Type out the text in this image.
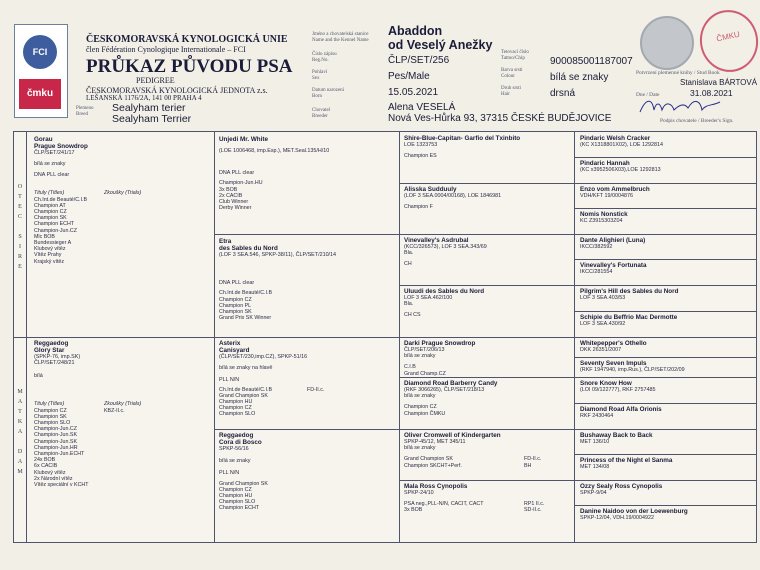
FCI
čmku
ČESKOMORAVSKÁ KYNOLOGICKÁ UNIE
člen Fédération Cynologique Internationale – FCI
PRŮKAZ PŮVODU PSA
PEDIGREE
ČESKOMORAVSKÁ KYNOLOGICKÁ JEDNOTA z.s.
LEŠANSKÁ 1176/2A, 141 00 PRAHA 4
Plemeno
Breed
Sealyham terier
Sealyham Terrier
Jméno a chovatelská stanice
Name and the Kennel Name
Číslo zápisu
Reg.No.
Pohlaví
Sex
Datum narození
Born
Chovatel
Breeder
Abaddon
od Veselý Anežky
ČLP/SET/256
Pes/Male
15.05.2021
Alena VESELÁ
Nová Ves-Hůrka 93, 37315 ČESKÉ BUDĚJOVICE
Tetovací číslo
Tattoo/Chip
Barva srsti
Colour
Druh srsti
Hair
900085001187007
bílá se znaky
drsná
ČMKU
Potvrzení plemenné knihy / Stud Book
Stanislava BÁRTOVÁ
Dne / Date	31.08.2021
Podpis chovatele / Breeder's Sign.
O
T
E
C

S
I
R
E
M
A
T
K
A

D
A
M
Gorau
Prague Snowdrop
ČLP/SET/241/17
bílá se znaky
DNA PLL clear
Tituly (Titles)	Zkoušky (Trials)
Ch.Int.de Beauté/C.I.B
Champion AT
Champion CZ
Champion SK
Champion ECHT
Champion-Jun.CZ
Mlc BOB
Bundessieger A
Klubový vítěz
Vítěz Prahy
Krajský vítěz
Reggaedog
Glory Star
(SPKP-76, imp.SK)
ČLP/SET/248/21
bílá
Tituly (Titles)	Zkoušky (Trials)
KBZ-II.c.
Champion CZ
Champion SK
Champion SLO
Champion-Jun.CZ
Champion-Jun.SK
Champion-Jun.SK
Champion-Jun.HR
Champion-Jun.ECHT
24x BOB
6x CACIB
Klubový vítěz
2x Národní vítěz
Vítěz speciální v KCHT
Unjedi Mr. White
(LOE 1006468, imp.Esp.), MET.Seal.135/H/10
DNA PLL clear
Champion-Jun.HU
3x BOB
2x CACIB
Club Winner
Derby Winner
Etra
des Sables du Nord
(LOF 3 SEA.546, SPKP-38/11), ČLP/SET/210/14
DNA PLL clear
Ch.Int.de Beauté/C.I.B
Champion CZ
Champion PL
Champion SK
Grand Prix SK Winner
Asterix
Canisyard
(ČLP/SET/230,imp.CZ), SPKP-51/16
bílá se znaky na hlavě
PLL N/N
FD-II.c.
Ch.Int.de Beauté/C.I.B
Grand Champion SK
Champion HU
Champion CZ
Champion SLO
Reggaedog
Cora di Bosco
SPKP-56/16
bílá se znaky
PLL N/N
Grand Champion SK
Champion CZ
Champion HU
Champion SLO
Champion ECHT
Shire-Blue-Capitan- Garfio del Txinbito
LOE 1323753
Champion ES
Alisska Sudduuly
(LOF 3 SEA.0004/00168), LOE 1846981
Champion F
Vinevalley's Asdrubal
(KCC/326573), LOF 3 SEA.343/69
Bla.
CH
Uluudi des Sables du Nord
LOF 3 SEA.462/100
Bla.
CH CS
Darki Prague Snowdrop
ČLP/SET/206/13
bílá se znaky
C.I.B
Grand Champ.CZ
Diamond Road Barberry Candy
(RKF 3066265), ČLP/SET/218/13
bílá se znaky
Champion CZ
Champion ČMKU
Oliver Cromwell of Kindergarten
SPKP-45/12, MET 345/11
bílá se znaky
Grand Champion SK
Champion SKCHT+Perf.
FD-II.c.
BH
Mala Ross Cynopolis
SPKP-24/10
PSA neg.,PLL-N/N, CACIT, CACT
3x BOB
RP1 II.c.
SD-II.c.
Pindaric Welsh Cracker
(KC X1318801X02), LOE 1292814
Pindaric Hannah
(KC x3952506X03),LOE 1292813
Enzo vom Ammelbruch
VDH/KFT 19/0004876
Nomis Nonstick
KC Z3915303Z04
Dante Alighieri (Luna)
IKCC/382592
Vinevalley's Fortunata
IKCC/281554
Pilgrim's Hill des Sables du Nord
LOF 3 SEA.403/53
Schipie du Beffrio Mac Dermotte
LOF 3 SEA.430/92
Whitepepper's Othello
DKK 26351/2007
Seventy Seven Impuls
(RKF 1947940, imp.Rus.), ČLP/SET/202/09
Snore Know How
(LOI 09/122777), RKF 2757485
Diamond Road Alfa Orionis
RKF 2430464
Bushaway Back to Back
MET 136/10
Princess of the Night el Sanma
MET 134/08
Ozzy Sealy Ross Cynopolis
SPKP-9/04
Danine Naidoo von der Loewenburg
SPKP-12/04, VDH.19/0004922
